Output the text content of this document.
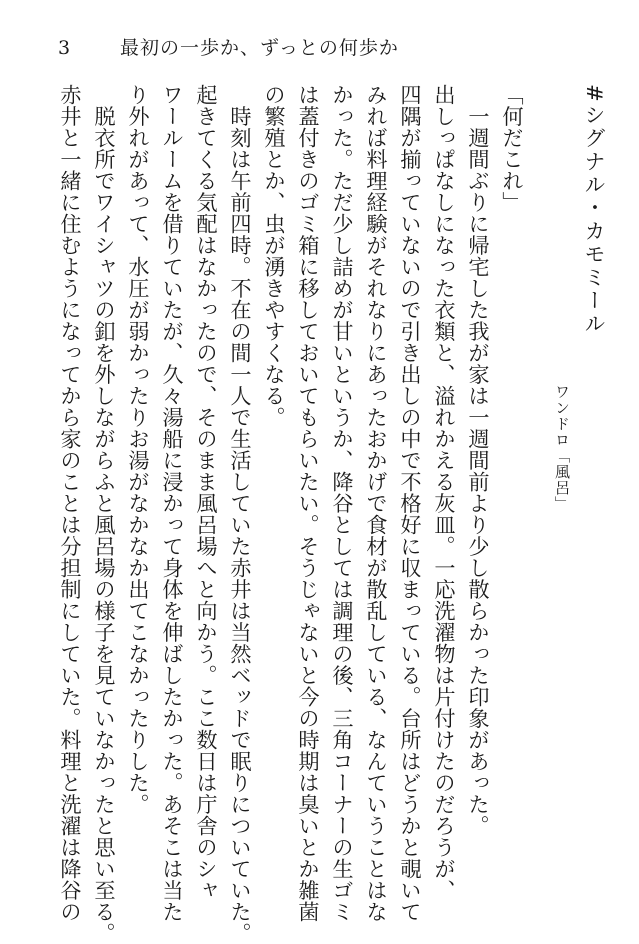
3	最初の一歩か、ずっとの何歩か
#シグナル・カモミール
ワンドロ「風呂」
「何だこれ」
　一週間ぶりに帰宅した我が家は一週間前より少し散らかった印象があった。
出しっぱなしになった衣類と、溢れかえる灰皿。一応洗濯物は片付けたのだろうが、
四隅が揃っていないので引き出しの中で不格好に収まっている。台所はどうかと覗いて
みれば料理経験がそれなりにあったおかげで食材が散乱している、なんていうことはな
かった。ただ少し詰めが甘いというか、降谷としては調理の後、三角コーナーの生ゴミ
は蓋付きのゴミ箱に移しておいてもらいたい。そうじゃないと今の時期は臭いとか雑菌
の繁殖とか、虫が湧きやすくなる。
　時刻は午前四時。不在の間一人で生活していた赤井は当然ベッドで眠りについていた。
起きてくる気配はなかったので、そのまま風呂場へと向かう。ここ数日は庁舎のシャ
ワールームを借りていたが、久々湯船に浸かって身体を伸ばしたかった。あそこは当た
り外れがあって、水圧が弱かったりお湯がなかなか出てこなかったりした。
　脱衣所でワイシャツの釦を外しながらふと風呂場の様子を見ていなかったと思い至る。
赤井と一緒に住むようになってから家のことは分担制にしていた。料理と洗濯は降谷の
